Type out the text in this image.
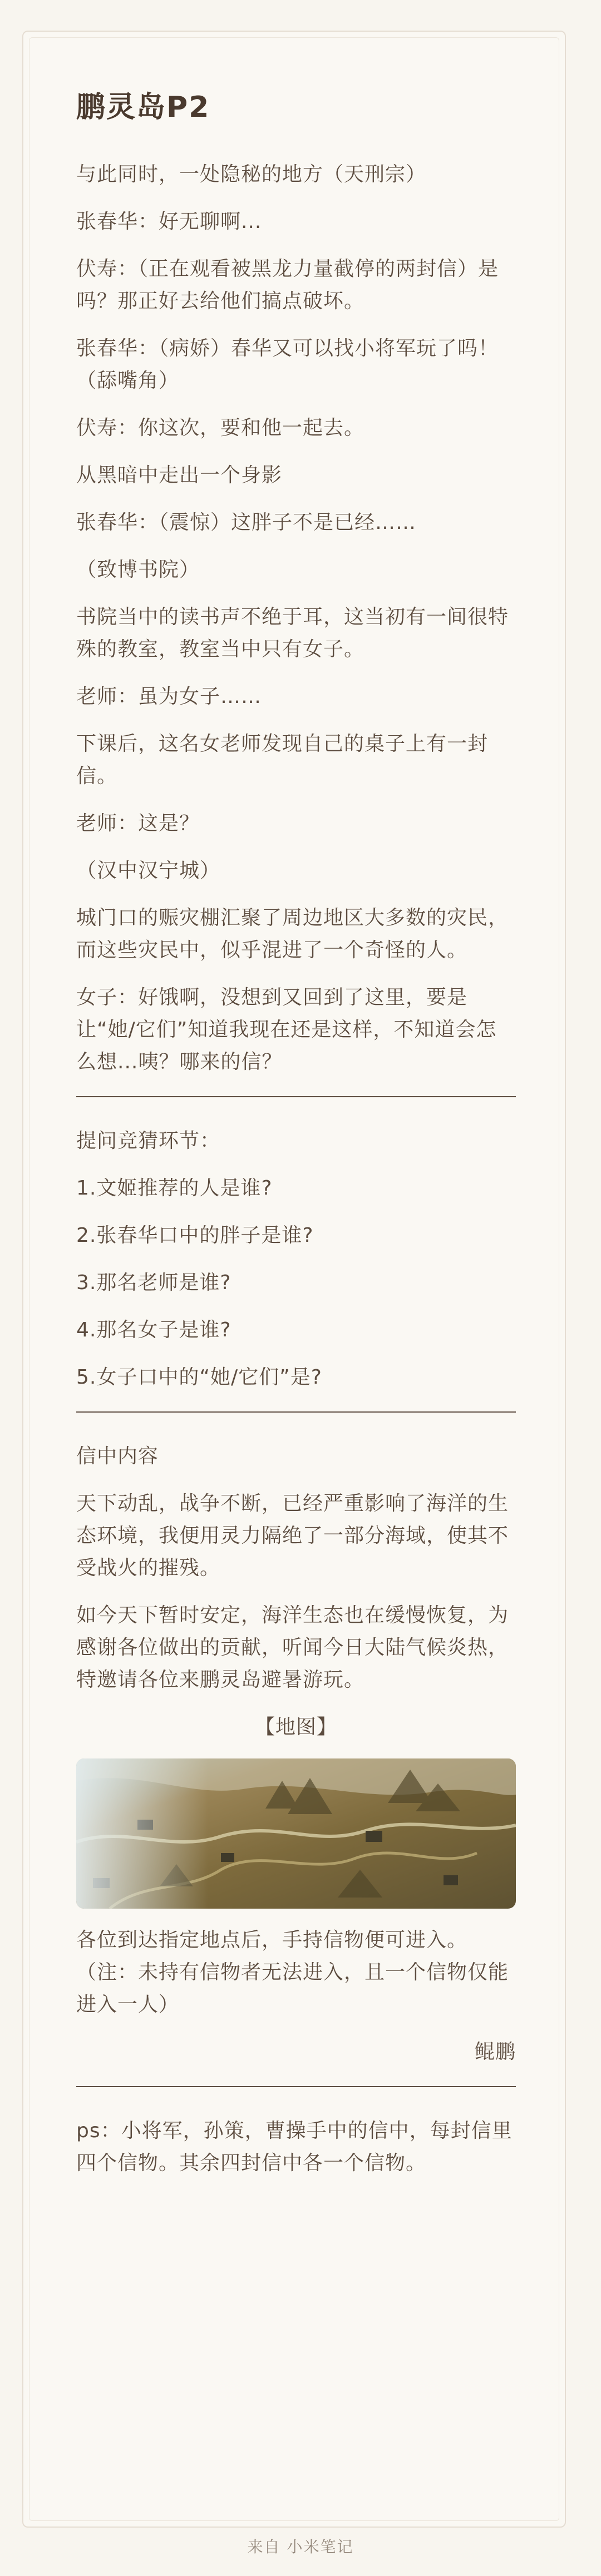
鹏灵岛P2
与此同时，一处隐秘的地方（天刑宗）
张春华：好无聊啊...
伏寿：（正在观看被黑龙力量截停的两封信）是吗？那正好去给他们搞点破坏。
张春华：（病娇）春华又可以找小将军玩了吗！（舔嘴角）
伏寿：你这次，要和他一起去。
从黑暗中走出一个身影
张春华：（震惊）这胖子不是已经……
（致博书院）
书院当中的读书声不绝于耳，这当初有一间很特殊的教室，教室当中只有女子。
老师：虽为女子……
下课后，这名女老师发现自己的桌子上有一封信。
老师：这是？
（汉中汉宁城）
城门口的赈灾棚汇聚了周边地区大多数的灾民，而这些灾民中，似乎混进了一个奇怪的人。
女子：好饿啊，没想到又回到了这里，要是让“她/它们”知道我现在还是这样，不知道会怎么想...咦？哪来的信？
提问竞猜环节：
1.文姬推荐的人是谁?
2.张春华口中的胖子是谁?
3.那名老师是谁?
4.那名女子是谁?
5.女子口中的“她/它们”是?
信中内容
天下动乱，战争不断，已经严重影响了海洋的生态环境，我便用灵力隔绝了一部分海域，使其不受战火的摧残。
如今天下暂时安定，海洋生态也在缓慢恢复，为感谢各位做出的贡献，听闻今日大陆气候炎热，特邀请各位来鹏灵岛避暑游玩。
【地图】
各位到达指定地点后，手持信物便可进入。（注：未持有信物者无法进入，且一个信物仅能进入一人）
鲲鹏
ps：小将军，孙策，曹操手中的信中，每封信里四个信物。其余四封信中各一个信物。
来自 小米笔记
